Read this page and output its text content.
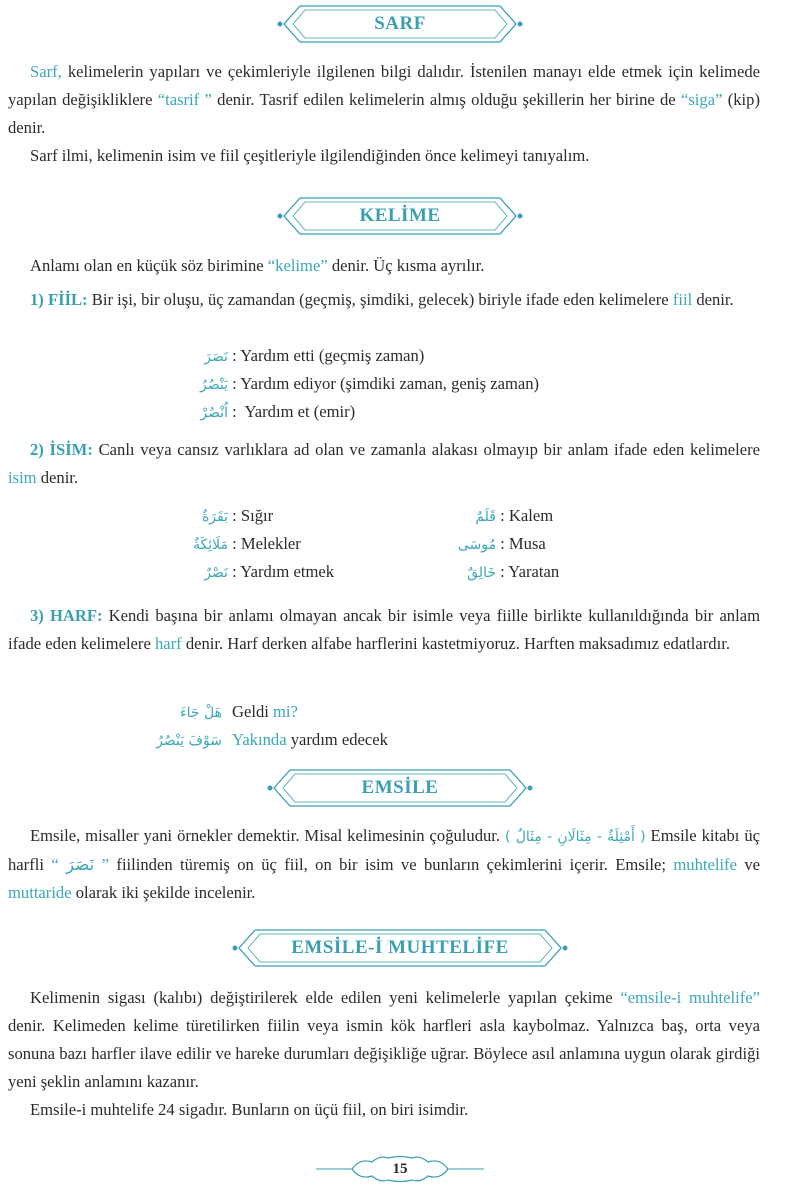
SARF
Sarf, kelimelerin yapıları ve çekimleriyle ilgilenen bilgi dalıdır. İstenilen manayı elde etmek için kelimede yapılan değişikliklere “tasrif ” denir. Tasrif edilen kelimelerin almış olduğu şekillerin her birine de “siga” (kip) denir.
Sarf ilmi, kelimenin isim ve fiil çeşitleriyle ilgilendiğinden önce kelimeyi tanıyalım.
KELİME
Anlamı olan en küçük söz birimine “kelime” denir. Üç kısma ayrılır.
1) FİİL: Bir işi, bir oluşu, üç zamandan (geçmiş, şimdiki, gelecek) biriyle ifade eden kelimelere fiil denir.
نَصَرَ : Yardım etti (geçmiş zaman)
يَنْصُرُ : Yardım ediyor (şimdiki zaman, geniş zaman)
اُنْصُرْ :  Yardım et (emir)
2) İSİM: Canlı veya cansız varlıklara ad olan ve zamanla alakası olmayıp bir anlam ifade eden kelimelere isim denir.
بَقَرَةٌ : Sığır
مَلَائِكَةٌ : Melekler
نَصْرٌ : Yardım etmek
قَلَمٌ : Kalem
مُوسَى : Musa
خَالِقٌ : Yaratan
3) HARF: Kendi başına bir anlamı olmayan ancak bir isimle veya fiille birlikte kullanıldığında bir anlam ifade eden kelimelere harf denir. Harf derken alfabe harflerini kastetmiyoruz. Harften maksadımız edatlardır.
هَلْ جَاءَ Geldi mi?
سَوْفَ يَنْصُرُ Yakında yardım edecek
EMSİLE
Emsile, misaller yani örnekler demektir. Misal kelimesinin çoğuludur. ( أَمْثِلَةٌ - مِثَالَانِ - مِثَالٌ ) Emsile kitabı üç harfli “ نَصَرَ ” fiilinden türemiş on üç fiil, on bir isim ve bunların çekimlerini içerir. Emsile; muhtelife ve muttaride olarak iki şekilde incelenir.
EMSİLE-İ MUHTELİFE
Kelimenin sigası (kalıbı) değiştirilerek elde edilen yeni kelimelerle yapılan çekime “emsile-i muhtelife” denir. Kelimeden kelime türetilirken fiilin veya ismin kök harfleri asla kaybolmaz. Yalnızca baş, orta veya sonuna bazı harfler ilave edilir ve hareke durumları değişikliğe uğrar. Böylece asıl anlamına uygun olarak girdiği yeni şeklin anlamını kazanır.
Emsile-i muhtelife 24 sigadır. Bunların on üçü fiil, on biri isimdir.
15
